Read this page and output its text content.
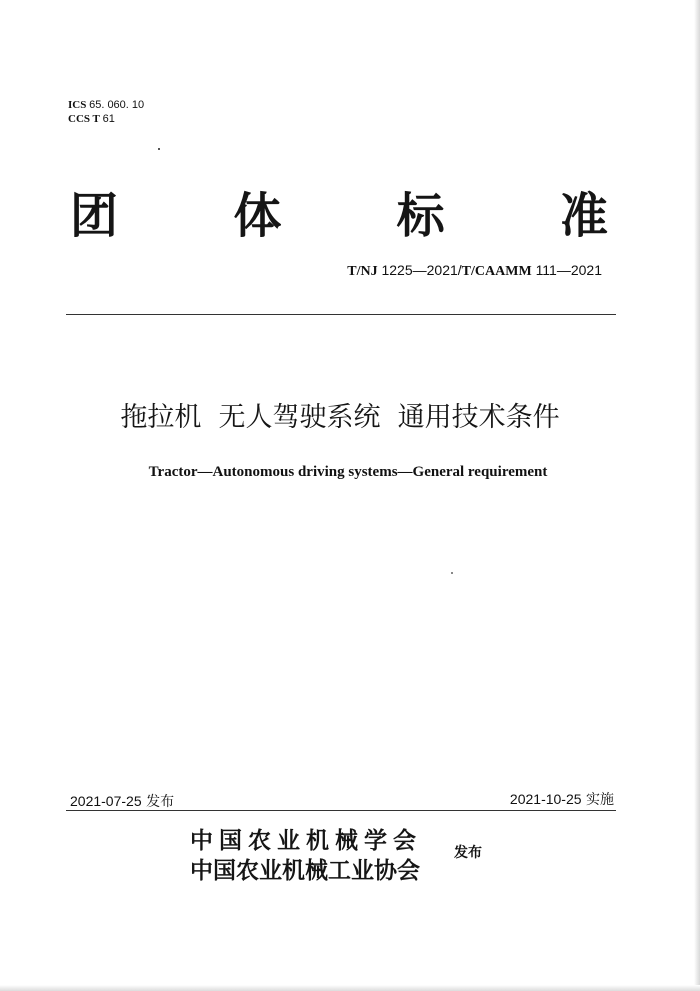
ICS 65. 060. 10
CCS T 61
团 体 标 准
T/NJ 1225—2021/T/CAAMM 111—2021
拖拉机  无人驾驶系统  通用技术条件
Tractor—Autonomous driving systems—General requirement
2021-07-25 发布	2021-10-25 实施
中国农业机械学会
中国农业机械工业协会
发布
